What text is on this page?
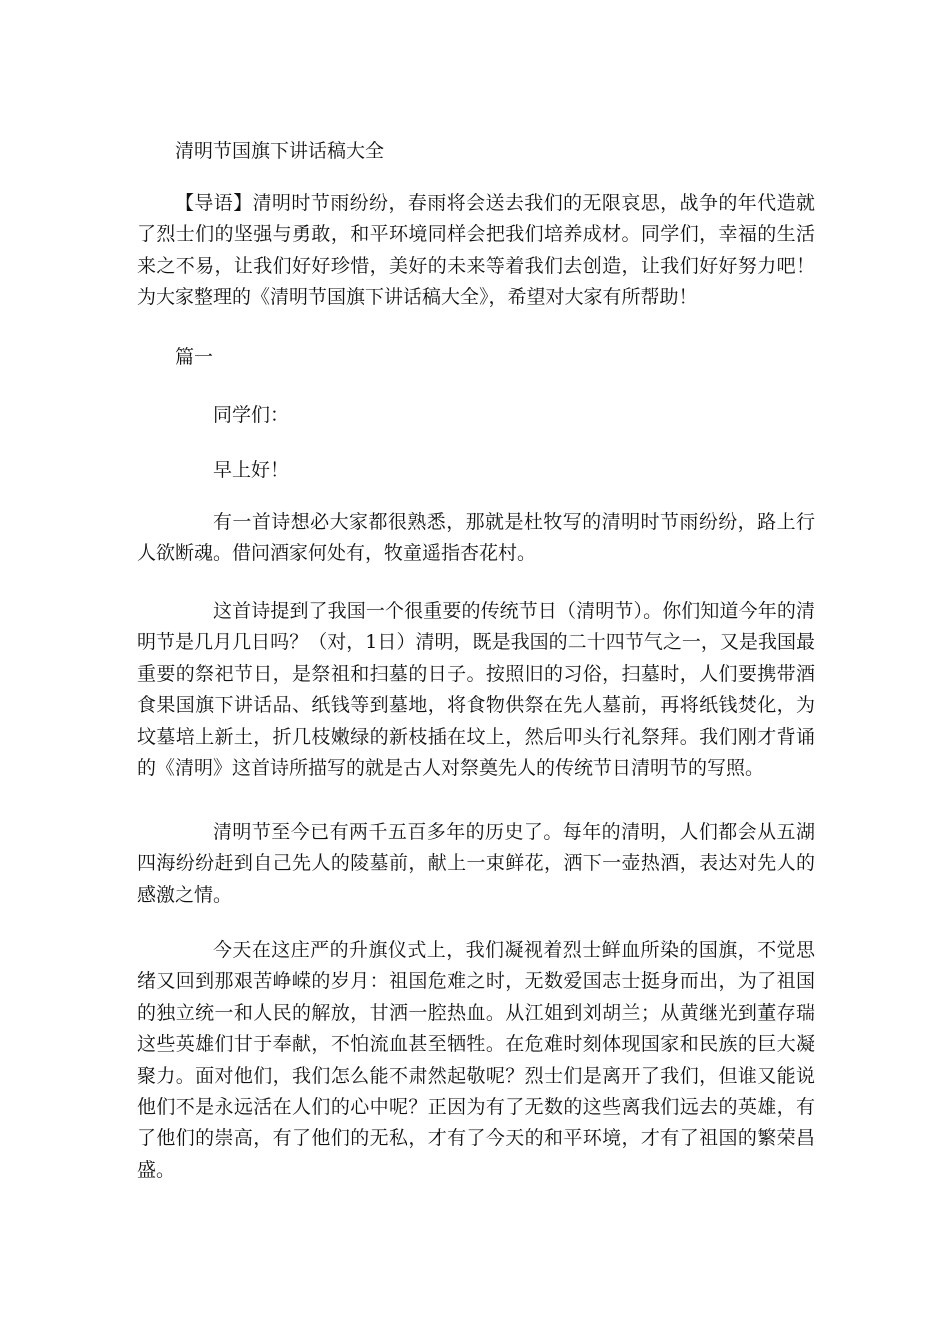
清明节国旗下讲话稿大全

【导语】清明时节雨纷纷，春雨将会送去我们的无限哀思，战争的年代造就了烈士们的坚强与勇敢，和平环境同样会把我们培养成材。同学们，幸福的生活来之不易，让我们好好珍惜，美好的未来等着我们去创造，让我们好好努力吧！为大家整理的《清明节国旗下讲话稿大全》，希望对大家有所帮助！

篇一
同学们：
早上好！

有一首诗想必大家都很熟悉，那就是杜牧写的清明时节雨纷纷，路上行人欲断魂。借问酒家何处有，牧童遥指杏花村。

这首诗提到了我国一个很重要的传统节日（清明节）。你们知道今年的清明节是几月几日吗？（对，1日）清明，既是我国的二十四节气之一，又是我国最重要的祭祀节日，是祭祖和扫墓的日子。按照旧的习俗，扫墓时，人们要携带酒食果国旗下讲话品、纸钱等到墓地，将食物供祭在先人墓前，再将纸钱焚化，为坟墓培上新土，折几枝嫩绿的新枝插在坟上，然后叩头行礼祭拜。我们刚才背诵的《清明》这首诗所描写的就是古人对祭奠先人的传统节日清明节的写照。

清明节至今已有两千五百多年的历史了。每年的清明，人们都会从五湖四海纷纷赶到自己先人的陵墓前，献上一束鲜花，洒下一壶热酒，表达对先人的感激之情。

今天在这庄严的升旗仪式上，我们凝视着烈士鲜血所染的国旗，不觉思绪又回到那艰苦峥嵘的岁月：祖国危难之时，无数爱国志士挺身而出，为了祖国的独立统一和人民的解放，甘洒一腔热血。从江姐到刘胡兰；从黄继光到董存瑞这些英雄们甘于奉献，不怕流血甚至牺牲。在危难时刻体现国家和民族的巨大凝聚力。面对他们，我们怎么能不肃然起敬呢？烈士们是离开了我们，但谁又能说他们不是永远活在人们的心中呢？正因为有了无数的这些离我们远去的英雄，有了他们的崇高，有了他们的无私，才有了今天的和平环境，才有了祖国的繁荣昌盛。
